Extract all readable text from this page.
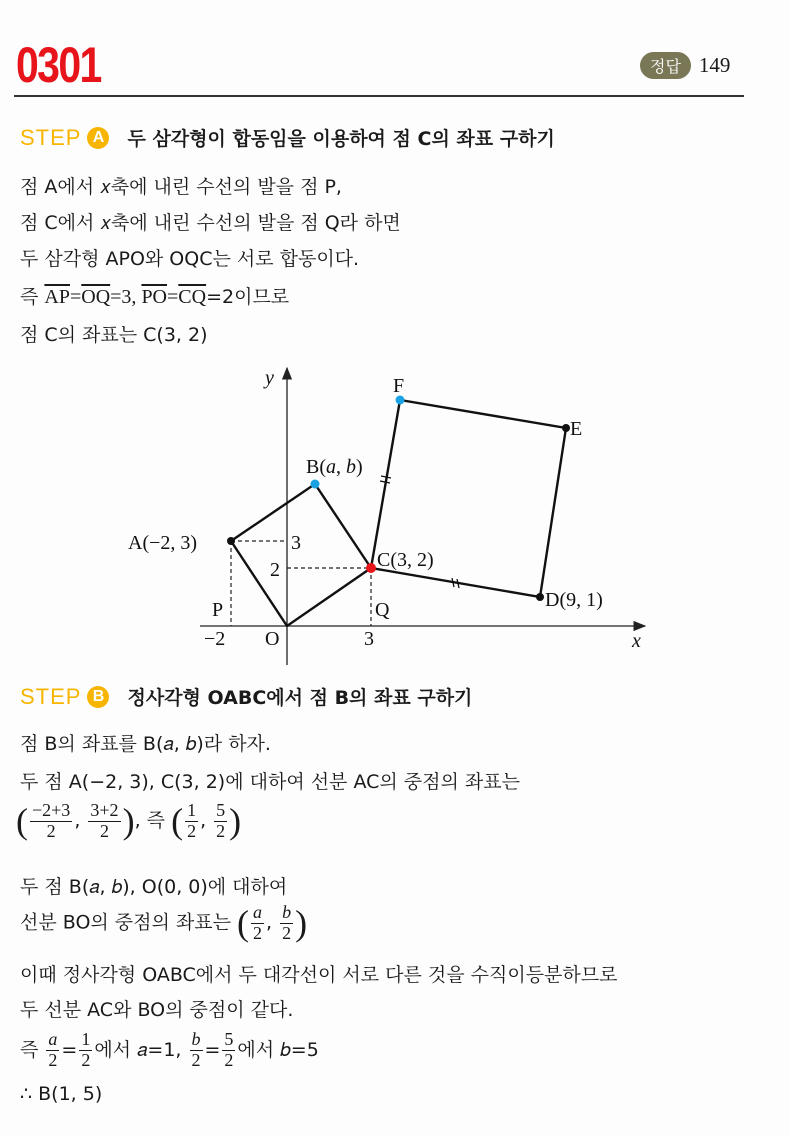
0301	정답 149
STEP A 두 삼각형이 합동임을 이용하여 점 C의 좌표 구하기
점 A에서 𝑥축에 내린 수선의 발을 점 P,
점 C에서 𝑥축에 내린 수선의 발을 점 Q라 하면
두 삼각형 APO와 OQC는 서로 합동이다.
즉 $\overline{AP}=\overline{OQ}=3$, $\overline{PO}=\overline{CQ}=2$이므로
점 C의 좌표는 C(3, 2)
y
x
F
E
B(a, b)
A(−2, 3)	3
2	C(3, 2)
D(9, 1)
P	Q
−2 O	3
STEP B 정사각형 OABC에서 점 B의 좌표 구하기
점 B의 좌표를 B(𝑎, 𝑏)라 하자.
두 점 A(−2, 3), C(3, 2)에 대하여 선분 AC의 중점의 좌표는
( $\frac{-2+3}{2}$ , $\frac{3+2}{2}$ ), 즉 ( $\frac{1}{2}$ , $\frac{5}{2}$ )
두 점 B(𝑎, 𝑏), O(0, 0)에 대하여
선분 BO의 중점의 좌표는 ( $\frac{a}{2}$ , $\frac{b}{2}$ )
이때 정사각형 OABC에서 두 대각선이 서로 다른 것을 수직이등분하므로
두 선분 AC와 BO의 중점이 같다.
즉 $\frac{a}{2} = \frac{1}{2}$ 에서 𝑎=1, $\frac{b}{2} = \frac{5}{2}$ 에서 𝑏=5
∴ B(1, 5)
